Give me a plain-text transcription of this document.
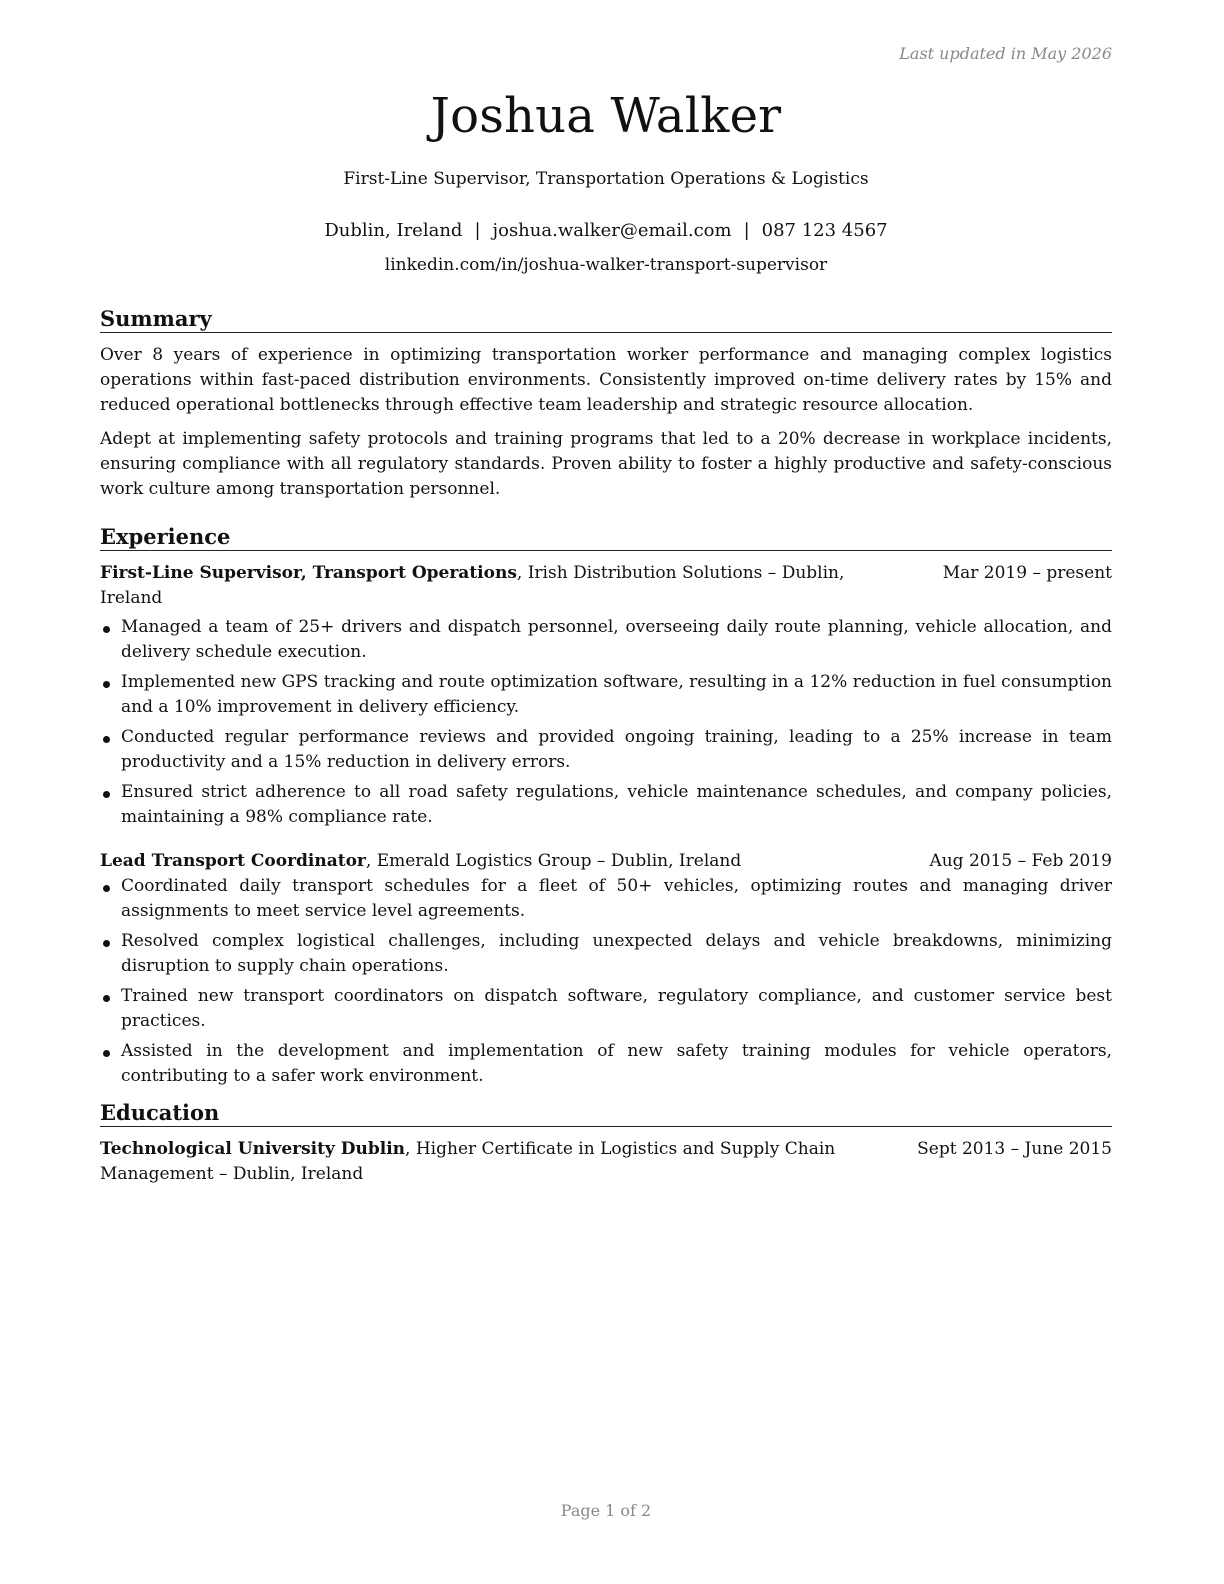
Last updated in May 2026
Joshua Walker
First-Line Supervisor, Transportation Operations & Logistics
Dublin, Ireland | joshua.walker@email.com | 087 123 4567
linkedin.com/in/joshua-walker-transport-supervisor
Summary

Over 8 years of experience in optimizing transportation worker performance and managing complex logistics operations within fast-paced distribution environments. Consistently improved on-time delivery rates by 15% and reduced operational bottlenecks through effective team leadership and strategic resource allocation.

Adept at implementing safety protocols and training programs that led to a 20% decrease in workplace incidents, ensuring compliance with all regulatory standards. Proven ability to foster a highly productive and safety-conscious work culture among transportation personnel.

Experience
First-Line Supervisor, Transport Operations, Irish Distribution Solutions – Dublin, Ireland
Mar 2019 – present
Managed a team of 25+ drivers and dispatch personnel, overseeing daily route planning, vehicle allocation, and delivery schedule execution.
Implemented new GPS tracking and route optimization software, resulting in a 12% reduction in fuel consumption and a 10% improvement in delivery efficiency.
Conducted regular performance reviews and provided ongoing training, leading to a 25% increase in team productivity and a 15% reduction in delivery errors.
Ensured strict adherence to all road safety regulations, vehicle maintenance schedules, and company policies, maintaining a 98% compliance rate.
Lead Transport Coordinator, Emerald Logistics Group – Dublin, Ireland	Aug 2015 – Feb 2019
Coordinated daily transport schedules for a fleet of 50+ vehicles, optimizing routes and managing driver assignments to meet service level agreements.
Resolved complex logistical challenges, including unexpected delays and vehicle breakdowns, minimizing disruption to supply chain operations.
Trained new transport coordinators on dispatch software, regulatory compliance, and customer service best practices.
Assisted in the development and implementation of new safety training modules for vehicle operators, contributing to a safer work environment.
Education
Technological University Dublin, Higher Certificate in Logistics and Supply Chain Management – Dublin, Ireland
Sept 2013 – June 2015
Page 1 of 2
